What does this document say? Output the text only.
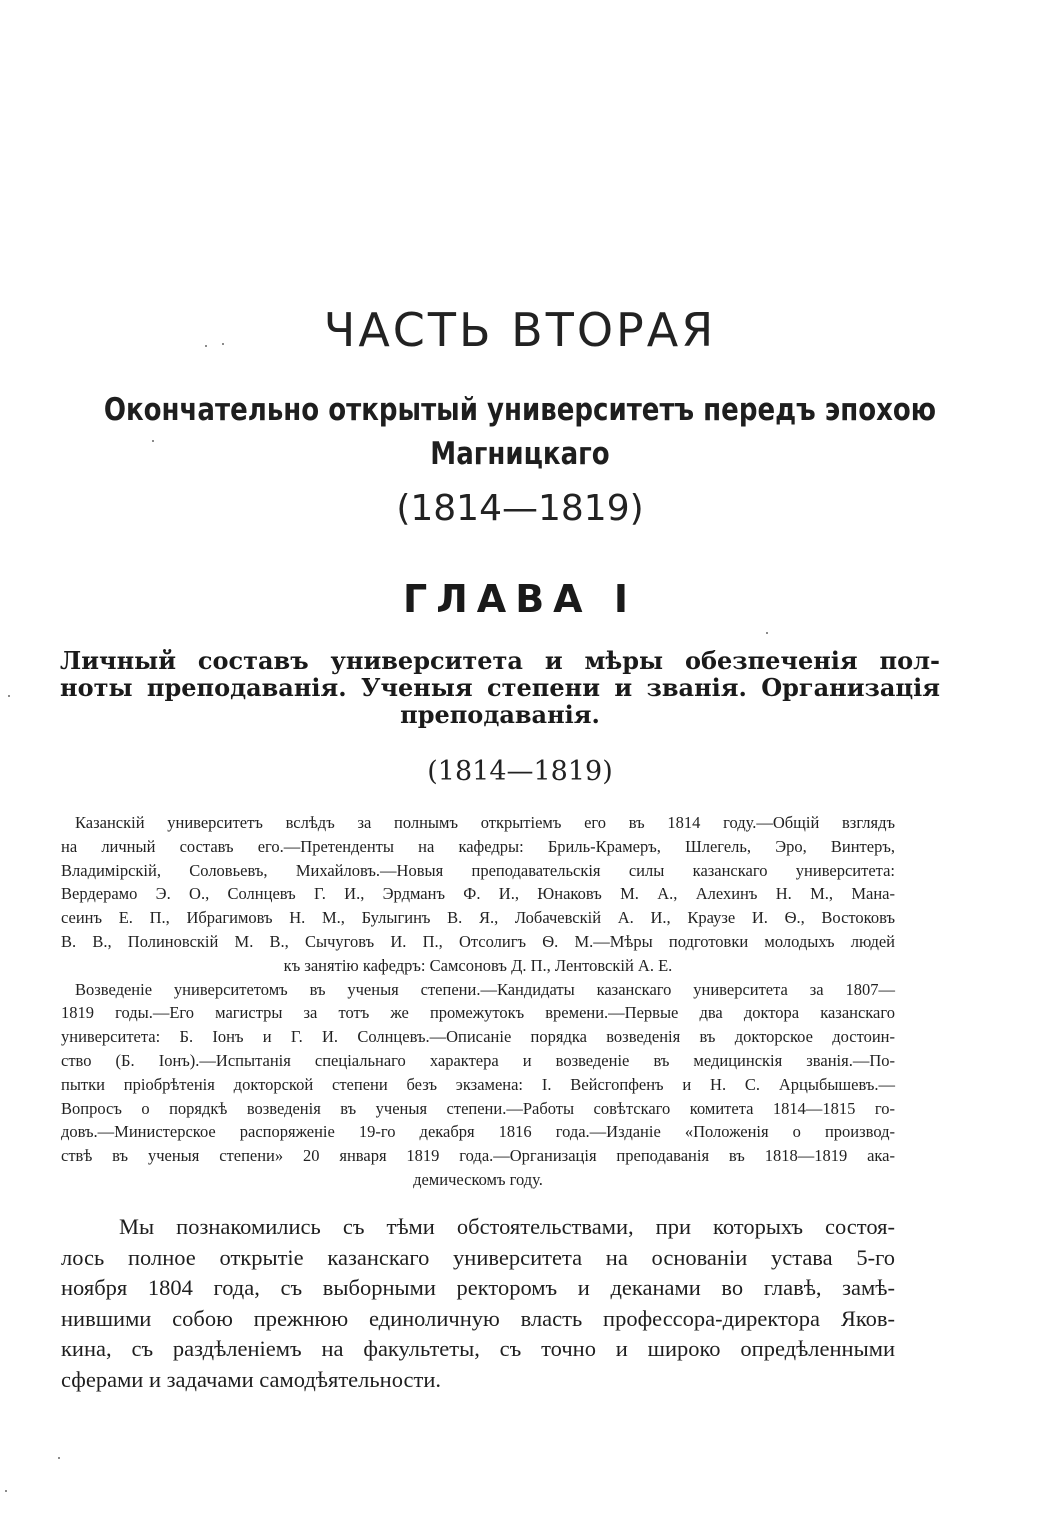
ЧАСТЬ ВТОРАЯ
Окончательно открытый университетъ передъ эпохою
Магницкаго
(1814—1819)
ГЛАВА I
Личный составъ университета и мѣры обезпеченія пол-
ноты преподаванія. Ученыя степени и званія. Организація
преподаванія.
(1814—1819)
Казанскій университетъ вслѣдъ за полнымъ открытіемъ его въ 1814 году.—Общій взглядъ
на личный составъ его.—Претенденты на кафедры: Бриль-Крамеръ, Шлегель, Эро, Винтеръ,
Владимірскій, Соловьевъ, Михайловъ.—Новыя преподавательскія силы казанскаго университета:
Вердерамо Э. О., Солнцевъ Г. И., Эрдманъ Ф. И., Юнаковъ М. А., Алехинъ Н. М., Мана-
сеинъ Е. П., Ибрагимовъ Н. М., Булыгинъ В. Я., Лобачевскій А. И., Краузе И. Ѳ., Востоковъ
В. В., Полиновскій М. В., Сычуговъ И. П., Отсолигъ Ѳ. М.—Мѣры подготовки молодыхъ людей
къ занятію кафедръ: Самсоновъ Д. П., Лентовскій А. Е.
Возведеніе университетомъ въ ученыя степени.—Кандидаты казанскаго университета за 1807—
1819 годы.—Его магистры за тотъ же промежутокъ времени.—Первые два доктора казанскаго
университета: Б. Іонъ и Г. И. Солнцевъ.—Описаніе порядка возведенія въ докторское достоин-
ство (Б. Іонъ).—Испытанія спеціальнаго характера и возведеніе въ медицинскія званія.—По-
пытки пріобрѣтенія докторской степени безъ экзамена: І. Вейсгопфенъ и Н. С. Арцыбышевъ.—
Вопросъ о порядкѣ возведенія въ ученыя степени.—Работы совѣтскаго комитета 1814—1815 го-
довъ.—Министерское распоряженіе 19-го декабря 1816 года.—Изданіе «Положенія о производ-
ствѣ въ ученыя степени» 20 января 1819 года.—Организація преподаванія въ 1818—1819 ака-
демическомъ году.
Мы познакомились съ тѣми обстоятельствами, при которыхъ состоя-
лось полное открытіе казанскаго университета на основаніи устава 5-го
ноября 1804 года, съ выборными ректоромъ и деканами во главѣ, замѣ-
нившими собою прежнюю единоличную власть профессора-директора Яков-
кина, съ раздѣленіемъ на факультеты, съ точно и широко опредѣленными
сферами и задачами самодѣятельности.
